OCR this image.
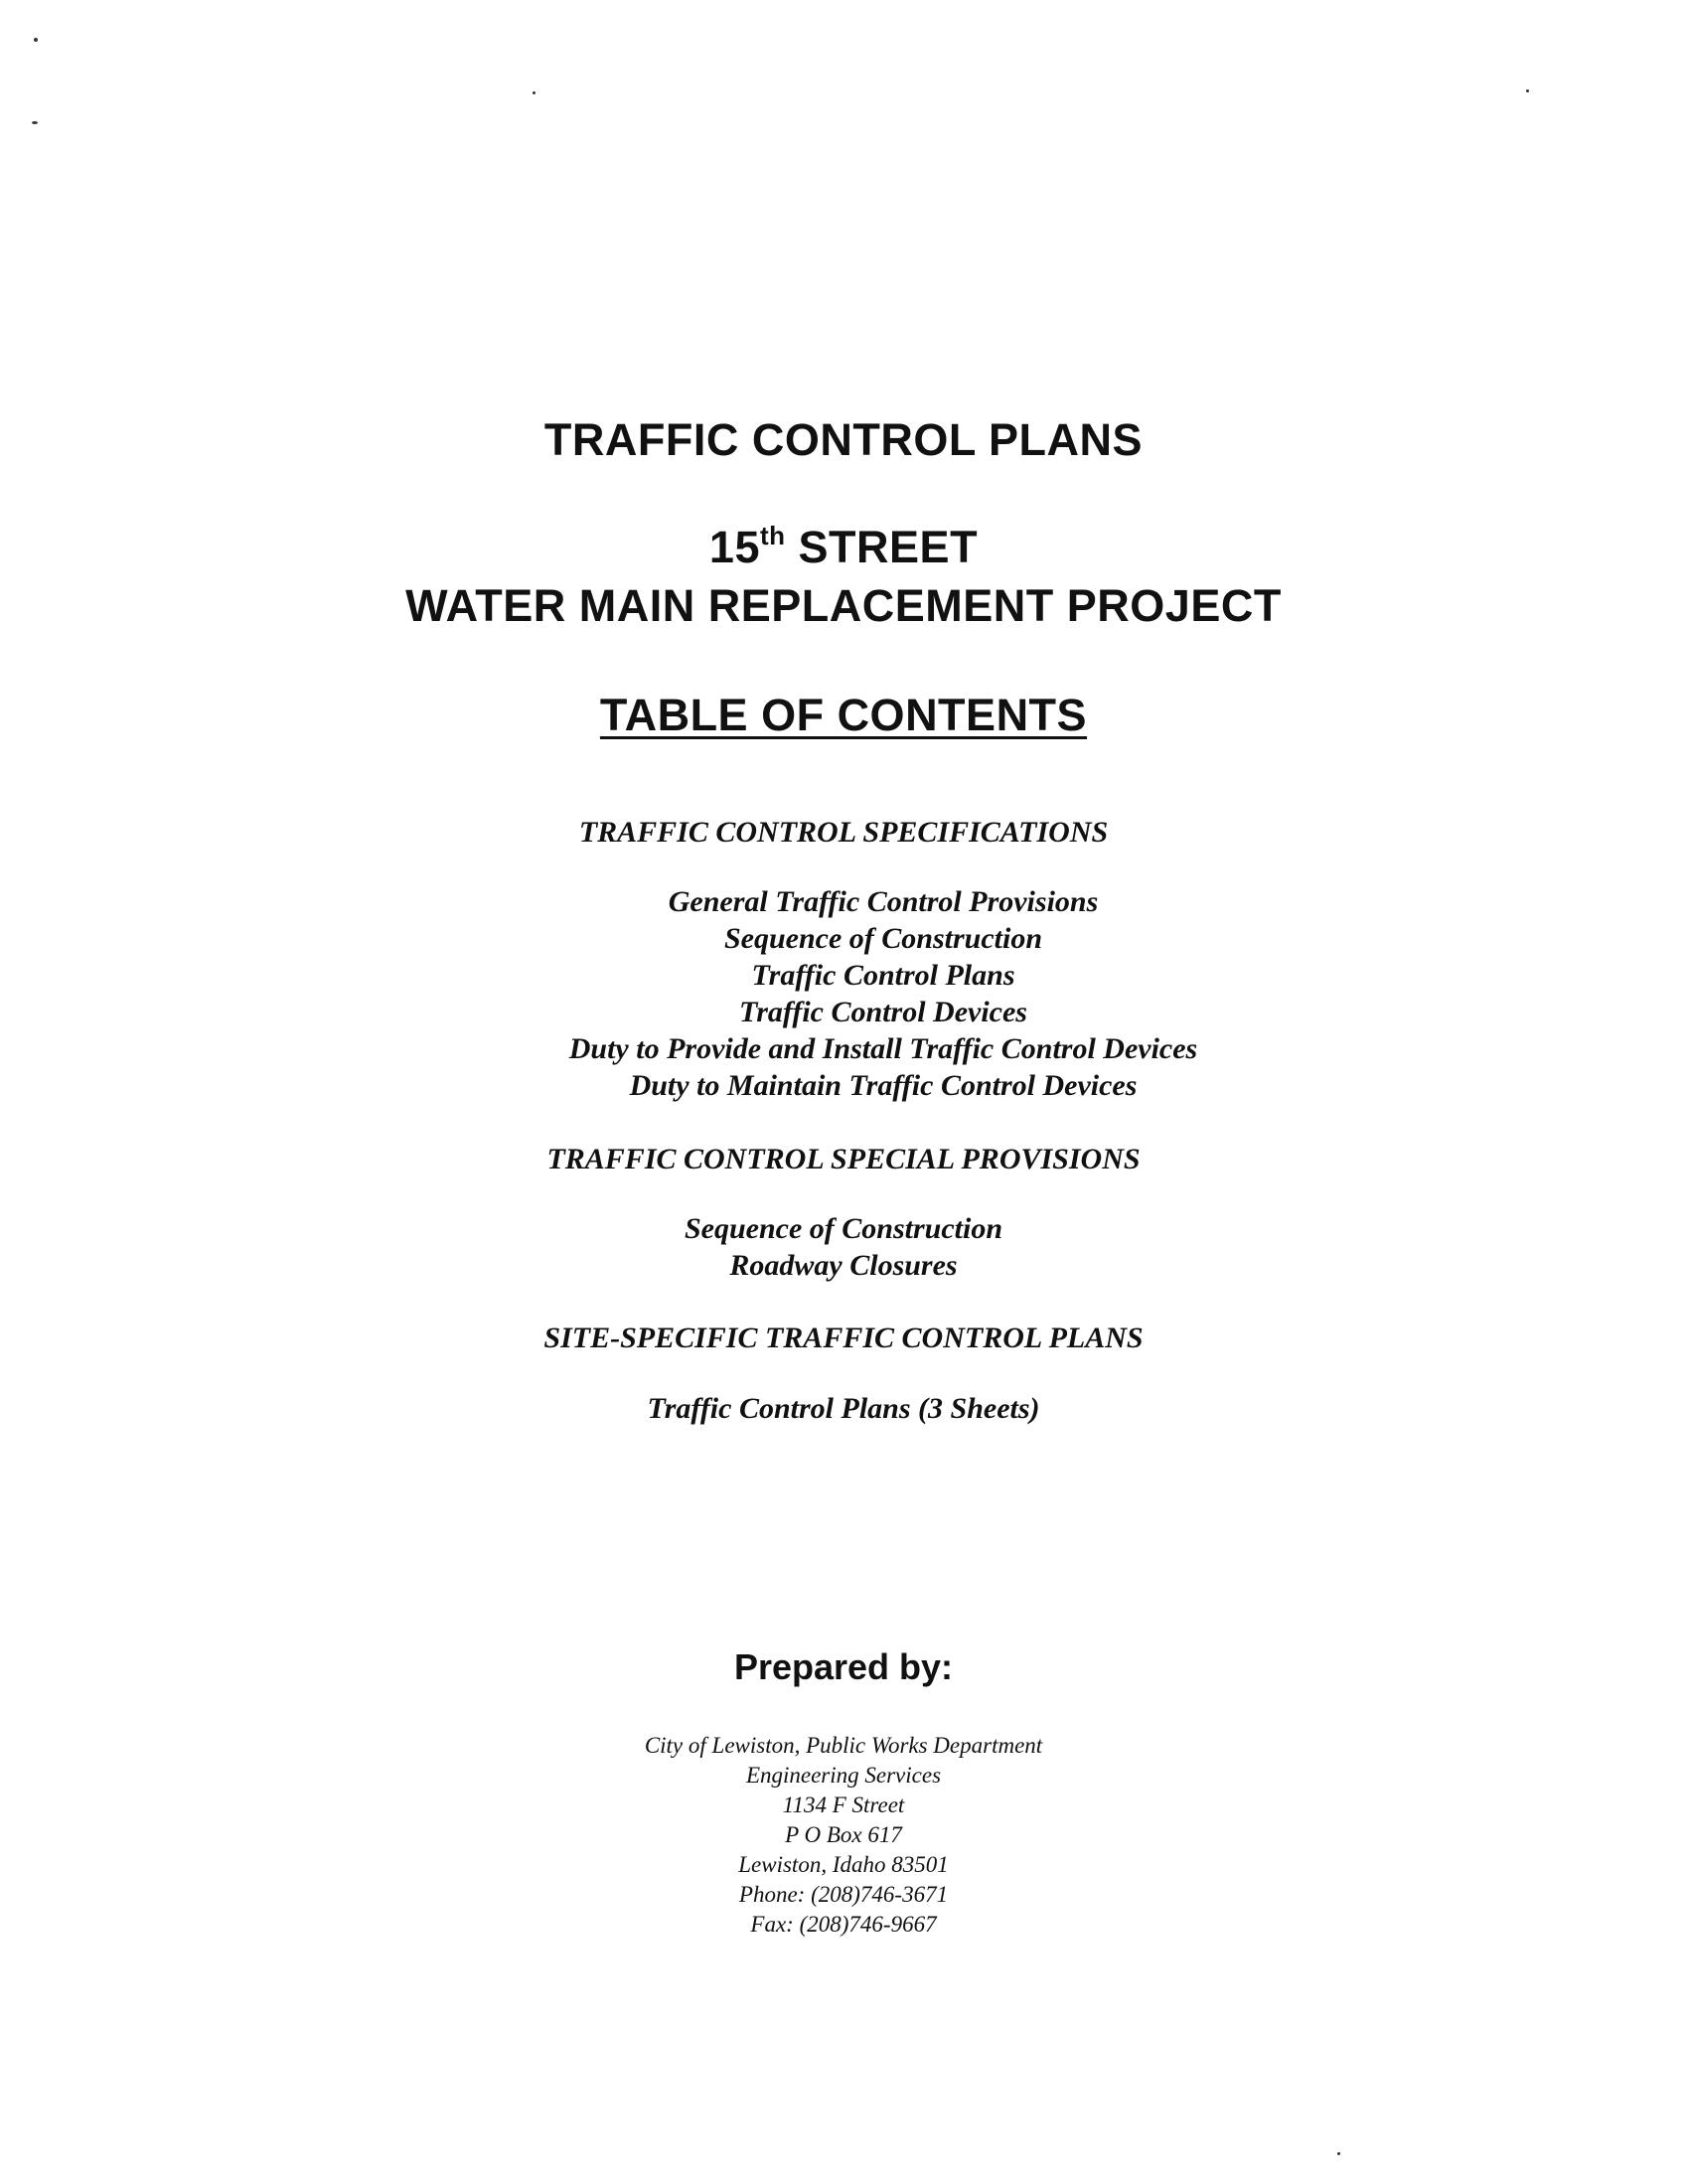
TRAFFIC CONTROL PLANS

15th STREET

WATER MAIN REPLACEMENT PROJECT

TABLE OF CONTENTS

TRAFFIC CONTROL SPECIFICATIONS

General Traffic Control Provisions

Sequence of Construction

Traffic Control Plans

Traffic Control Devices

Duty to Provide and Install Traffic Control Devices

Duty to Maintain Traffic Control Devices

TRAFFIC CONTROL SPECIAL PROVISIONS

Sequence of Construction

Roadway Closures

SITE-SPECIFIC TRAFFIC CONTROL PLANS

Traffic Control Plans (3 Sheets)

Prepared by:

City of Lewiston, Public Works Department

Engineering Services

1134 F Street

P O Box 617

Lewiston, Idaho 83501

Phone: (208)746-3671

Fax: (208)746-9667
